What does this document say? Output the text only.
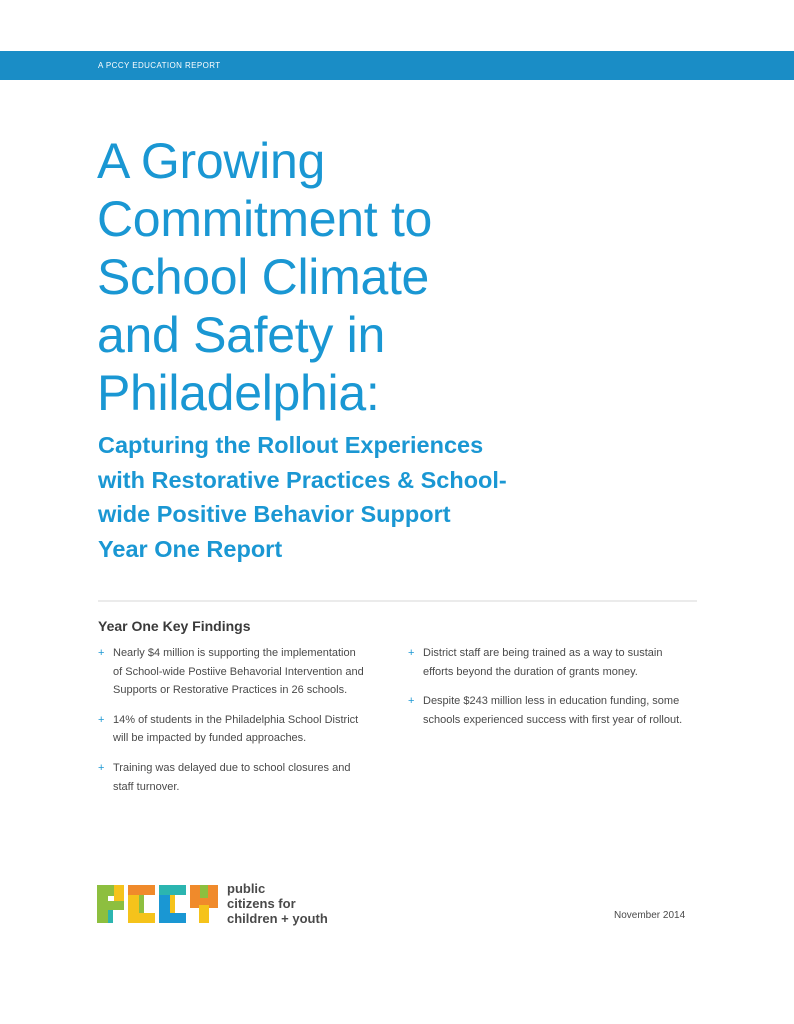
A PCCY EDUCATION REPORT
A Growing
Commitment to
School Climate
and Safety in
Philadelphia:
Capturing the Rollout Experiences
with Restorative Practices & School-
wide Positive Behavior Support
Year One Report
Year One Key Findings
+ Nearly $4 million is supporting the implementation
of School-wide Postiive Behavorial Intervention and
Supports or Restorative Practices in 26 schools.
+ 14% of students in the Philadelphia School District
will be impacted by funded approaches.
+ Training was delayed due to school closures and
staff turnover.
+ District staff are being trained as a way to sustain
efforts beyond the duration of grants money.
+ Despite $243 million less in education funding, some
schools experienced success with first year of rollout.
public
citizens for
children + youth	November 2014
